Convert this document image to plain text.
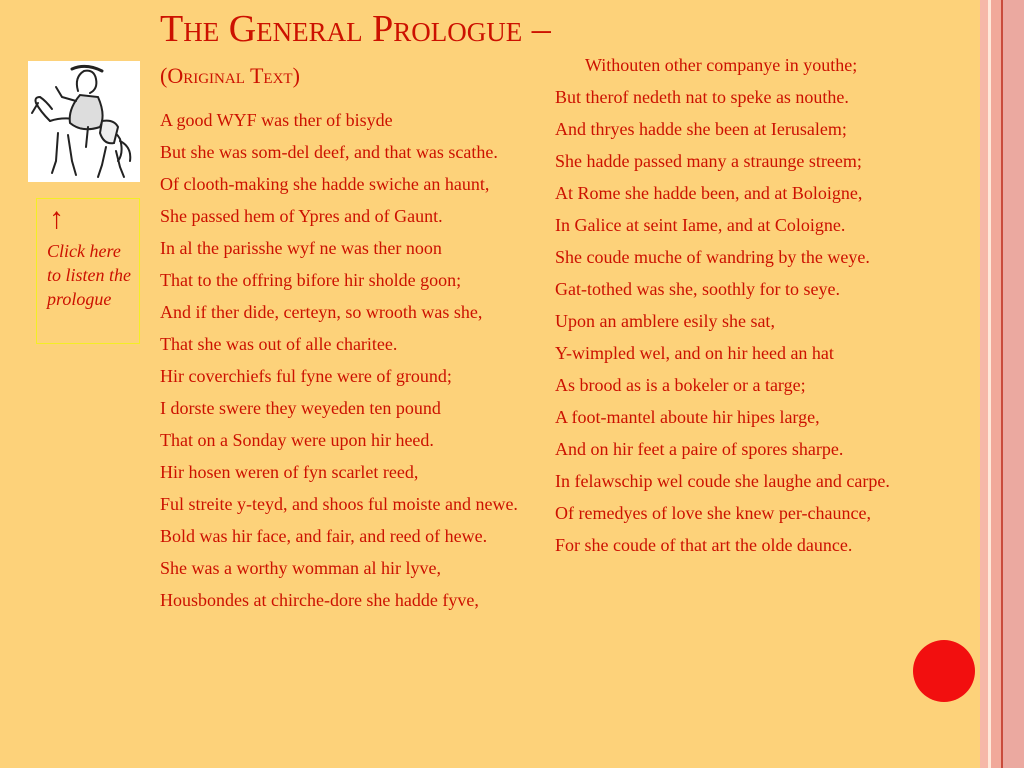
The General Prologue –(Original Text)
↑
Click here to listen the prologue
A good WYF was ther of bisyde
But she was som-del deef, and that was scathe.
Of clooth-making she hadde swiche an haunt,
She passed hem of Ypres and of Gaunt.
In al the parisshe wyf ne was ther noon
That to the offring bifore hir sholde goon;
And if ther dide, certeyn, so wrooth was she,
That she was out of alle charitee.
Hir coverchiefs ful fyne were of ground;
I dorste swere they weyeden ten pound
That on a Sonday were upon hir heed.
Hir hosen weren of fyn scarlet reed,
Ful streite y-teyd, and shoos ful moiste and newe.
Bold was hir face, and fair, and reed of hewe.
She was a worthy womman al hir lyve,
Housbondes at chirche-dore she hadde fyve,
Withouten other companye in youthe;
But therof nedeth nat to speke as nouthe.
And thryes hadde she been at Ierusalem;
She hadde passed many a straunge streem;
At Rome she hadde been, and at Boloigne,
In Galice at seint Iame, and at Coloigne.
She coude muche of wandring by the weye.
Gat-tothed was she, soothly for to seye.
Upon an amblere esily she sat,
Y-wimpled wel, and on hir heed an hat
As brood as is a bokeler or a targe;
A foot-mantel aboute hir hipes large,
And on hir feet a paire of spores sharpe.
In felawschip wel coude she laughe and carpe.
Of remedyes of love she knew per-chaunce,
For she coude of that art the olde daunce.
